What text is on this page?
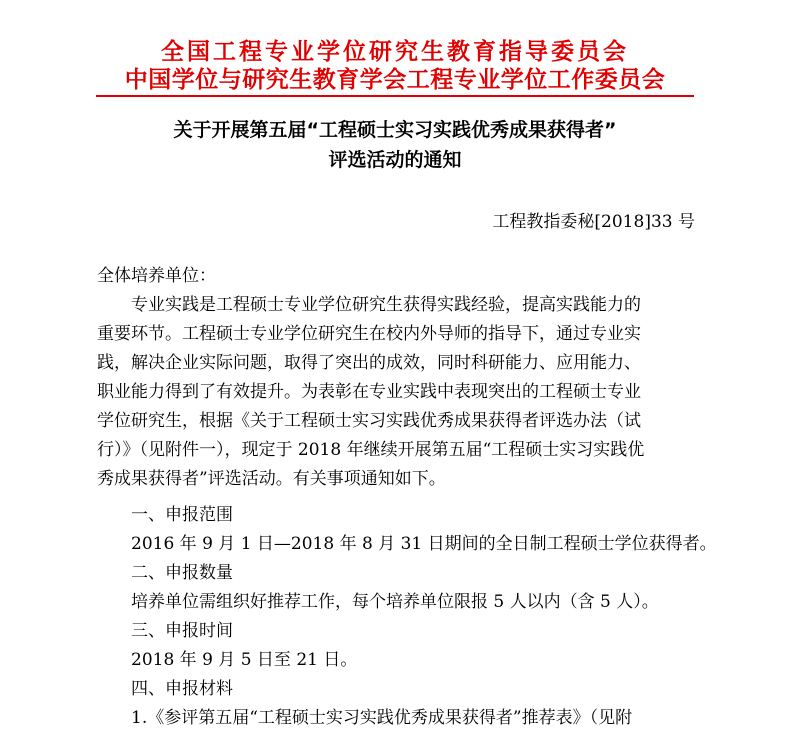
全国工程专业学位研究生教育指导委员会
中国学位与研究生教育学会工程专业学位工作委员会
关于开展第五届“工程硕士实习实践优秀成果获得者”
评选活动的通知
工程教指委秘[2018]33 号
全体培养单位：
专业实践是工程硕士专业学位研究生获得实践经验，提高实践能力的
重要环节。工程硕士专业学位研究生在校内外导师的指导下，通过专业实
践，解决企业实际问题，取得了突出的成效，同时科研能力、应用能力、
职业能力得到了有效提升。为表彰在专业实践中表现突出的工程硕士专业
学位研究生，根据《关于工程硕士实习实践优秀成果获得者评选办法（试
行）》（见附件一），现定于 2018 年继续开展第五届“工程硕士实习实践优
秀成果获得者”评选活动。有关事项通知如下。
一、申报范围
2016 年 9 月 1 日—2018 年 8 月 31 日期间的全日制工程硕士学位获得者。
二、申报数量
培养单位需组织好推荐工作，每个培养单位限报 5 人以内（含 5 人）。
三、申报时间
2018 年 9 月 5 日至 21 日。
四、申报材料
1.《参评第五届“工程硕士实习实践优秀成果获得者”推荐表》（见附
